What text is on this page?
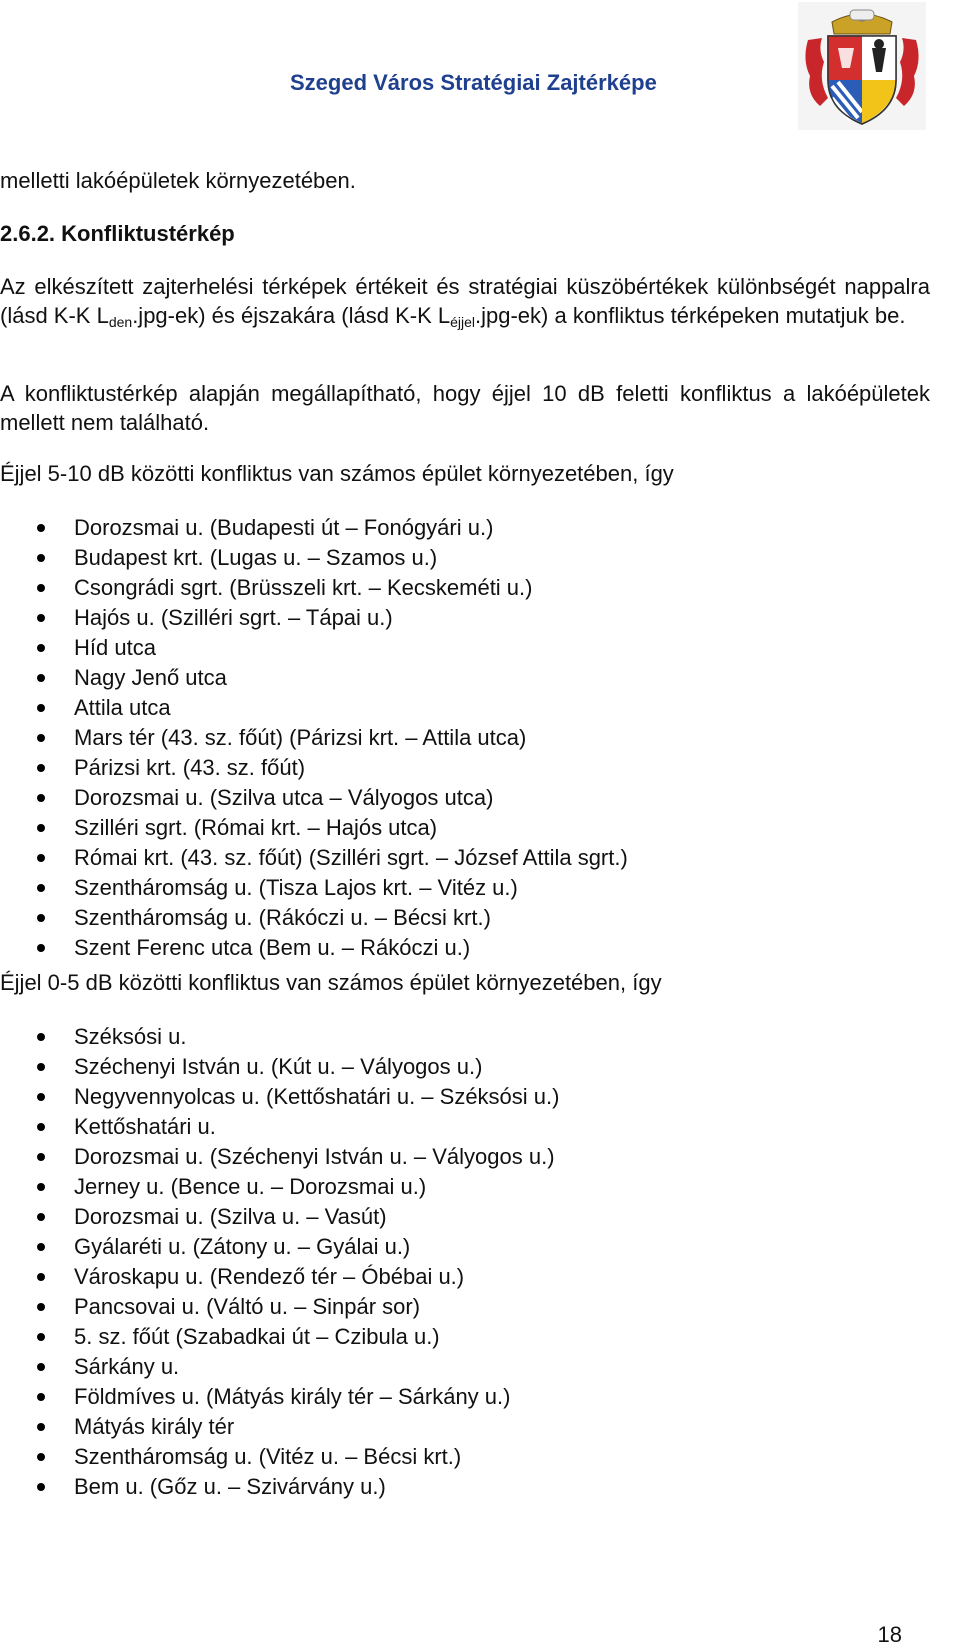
Szeged Város Stratégiai Zajtérképe
melletti lakóépületek környezetében.
2.6.2. Konfliktustérkép
Az elkészített zajterhelési térképek értékeit és stratégiai küszöbértékek különbségét nappalra (lásd K-K $L_{den}.jpg-ek$) és éjszakára (lásd K-K $L_{éjjel}.jpg-ek$) a konfliktus térképeken mutatjuk be.
A konfliktustérkép alapján megállapítható, hogy éjjel 10 dB feletti konfliktus a lakóépületek mellett nem található.
Éjjel 5-10 dB közötti konfliktus van számos épület környezetében, így
Dorozsmai u. (Budapesti út – Fonógyári u.)
Budapest krt. (Lugas u. – Szamos u.)
Csongrádi sgrt. (Brüsszeli krt. – Kecskeméti u.)
Hajós u. (Szilléri sgrt. – Tápai u.)
Híd utca
Nagy Jenő utca
Attila utca
Mars tér (43. sz. főút) (Párizsi krt. – Attila utca)
Párizsi krt. (43. sz. főút)
Dorozsmai u. (Szilva utca – Vályogos utca)
Szilléri sgrt. (Római krt. – Hajós utca)
Római krt. (43. sz. főút) (Szilléri sgrt. – József Attila sgrt.)
Szentháromság u. (Tisza Lajos krt. – Vitéz u.)
Szentháromság u. (Rákóczi u. – Bécsi krt.)
Szent Ferenc utca (Bem u. – Rákóczi u.)
Éjjel 0-5 dB közötti konfliktus van számos épület környezetében, így
Széksósi u.
Széchenyi István u. (Kút u. – Vályogos u.)
Negyvennyolcas u. (Kettőshatári u. – Széksósi u.)
Kettőshatári u.
Dorozsmai u. (Széchenyi István u. – Vályogos u.)
Jerney u. (Bence u. – Dorozsmai u.)
Dorozsmai u. (Szilva u. – Vasút)
Gyálaréti u. (Zátony u. – Gyálai u.)
Városkapu u. (Rendező tér – Óbébai u.)
Pancsovai u. (Váltó u. – Sinpár sor)
5. sz. főút (Szabadkai út – Czibula u.)
Sárkány u.
Földmíves u. (Mátyás király tér – Sárkány u.)
Mátyás király tér
Szentháromság u. (Vitéz u. – Bécsi krt.)
Bem u. (Gőz u. – Szivárvány u.)
18
